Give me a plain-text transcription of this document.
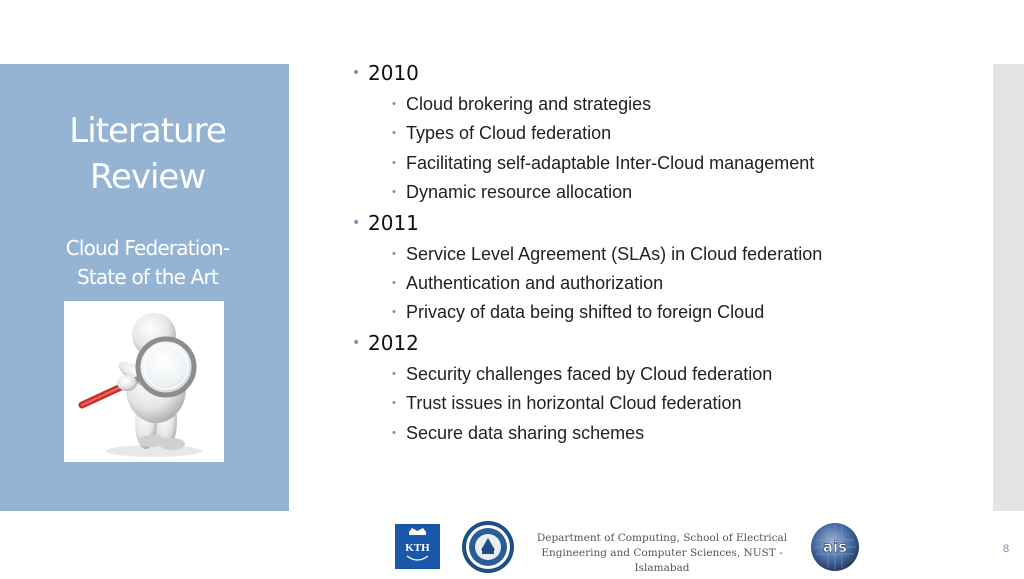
Literature
Review
Cloud Federation-
State of the Art
• 2010
• Cloud brokering and strategies
• Types of Cloud federation
• Facilitating self-adaptable Inter-Cloud management
• Dynamic resource allocation
• 2011
• Service Level Agreement (SLAs) in Cloud federation
• Authentication and authorization
• Privacy of data being shifted to foreign Cloud
• 2012
• Security challenges faced by Cloud federation
• Trust issues in horizontal Cloud federation
• Secure data sharing schemes
KTH
Department of Computing, School of Electrical
Engineering and Computer Sciences, NUST -
Islamabad
ais	8
